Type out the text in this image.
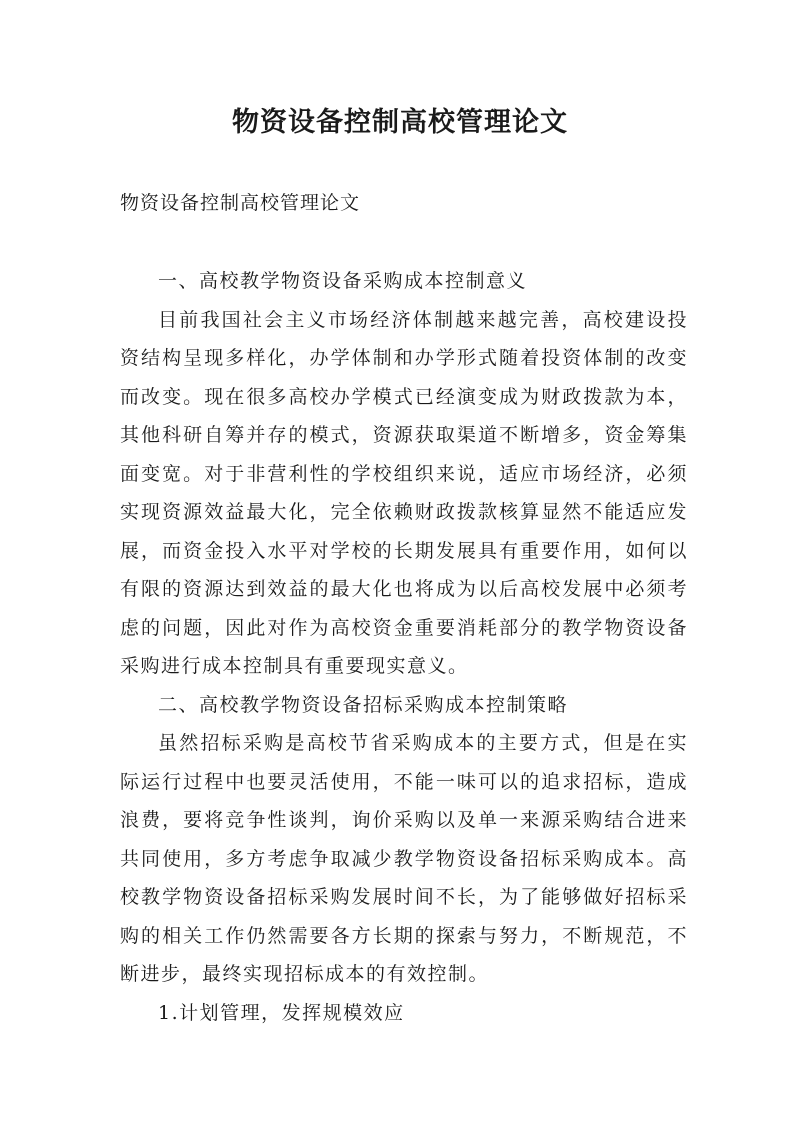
物资设备控制高校管理论文

物资设备控制高校管理论文

一、高校教学物资设备采购成本控制意义

目前我国社会主义市场经济体制越来越完善，高校建设投资结构呈现多样化，办学体制和办学形式随着投资体制的改变而改变。现在很多高校办学模式已经演变成为财政拨款为本，其他科研自筹并存的模式，资源获取渠道不断增多，资金筹集面变宽。对于非营利性的学校组织来说，适应市场经济，必须实现资源效益最大化，完全依赖财政拨款核算显然不能适应发展，而资金投入水平对学校的长期发展具有重要作用，如何以有限的资源达到效益的最大化也将成为以后高校发展中必须考虑的问题，因此对作为高校资金重要消耗部分的教学物资设备采购进行成本控制具有重要现实意义。

二、高校教学物资设备招标采购成本控制策略

虽然招标采购是高校节省采购成本的主要方式，但是在实际运行过程中也要灵活使用，不能一味可以的追求招标，造成浪费，要将竞争性谈判，询价采购以及单一来源采购结合进来共同使用，多方考虑争取减少教学物资设备招标采购成本。高校教学物资设备招标采购发展时间不长，为了能够做好招标采购的相关工作仍然需要各方长期的探索与努力，不断规范，不断进步，最终实现招标成本的有效控制。

1.计划管理，发挥规模效应
